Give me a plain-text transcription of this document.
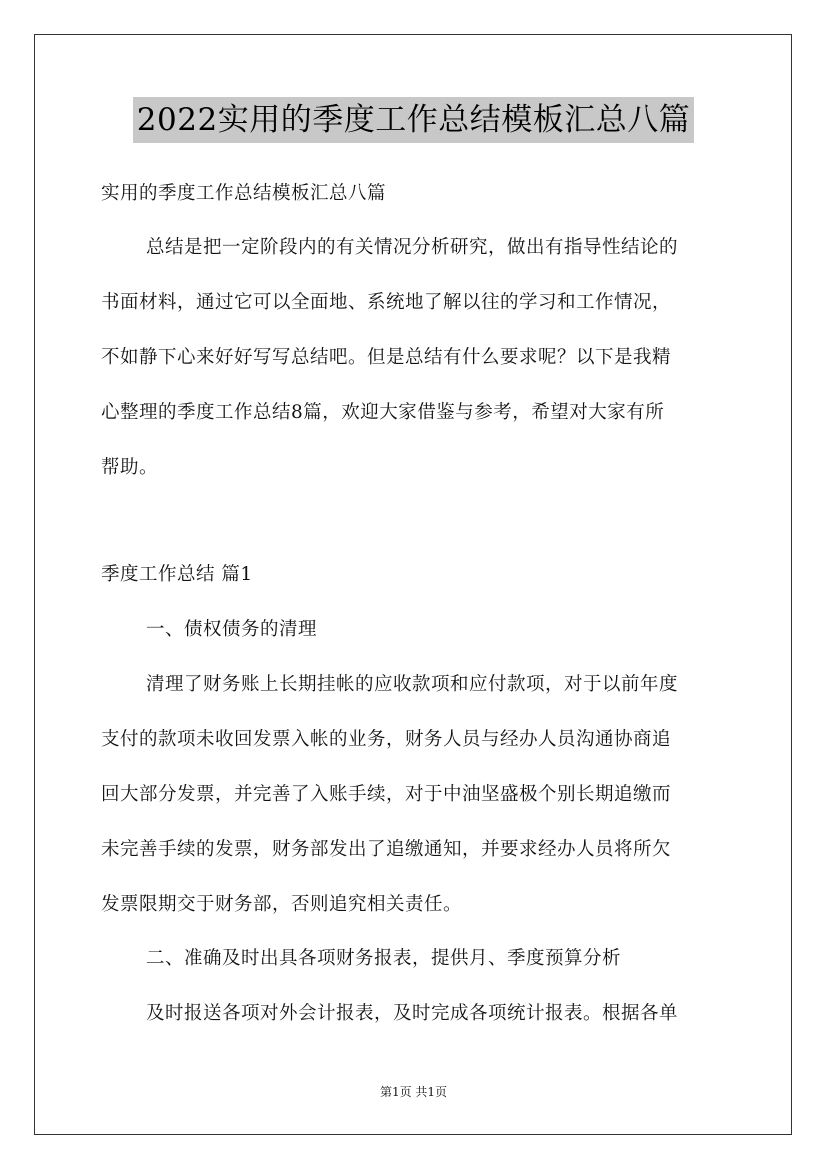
2022实用的季度工作总结模板汇总八篇
实用的季度工作总结模板汇总八篇
总结是把一定阶段内的有关情况分析研究，做出有指导性结论的
书面材料，通过它可以全面地、系统地了解以往的学习和工作情况，
不如静下心来好好写写总结吧。但是总结有什么要求呢？以下是我精
心整理的季度工作总结8篇，欢迎大家借鉴与参考，希望对大家有所
帮助。
季度工作总结 篇1
一、债权债务的清理
清理了财务账上长期挂帐的应收款项和应付款项，对于以前年度
支付的款项未收回发票入帐的业务，财务人员与经办人员沟通协商追
回大部分发票，并完善了入账手续，对于中油坚盛极个别长期追缴而
未完善手续的发票，财务部发出了追缴通知，并要求经办人员将所欠
发票限期交于财务部，否则追究相关责任。
二、准确及时出具各项财务报表，提供月、季度预算分析
及时报送各项对外会计报表，及时完成各项统计报表。根据各单
第1页 共1页
